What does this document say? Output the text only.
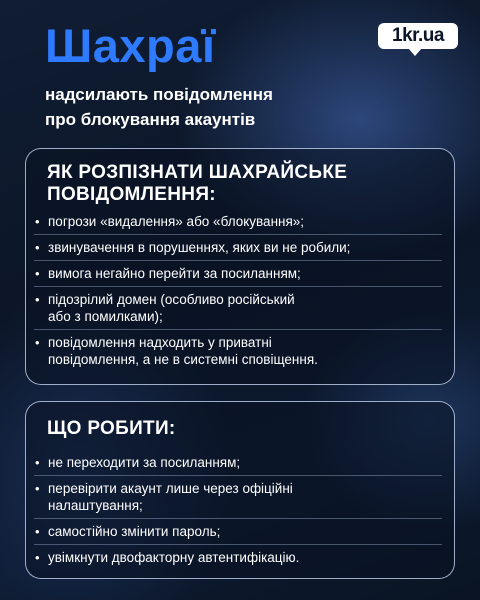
Шахраї	1kr.ua
надсилають повідомлення
про блокування акаунтів
ЯК РОЗПІЗНАТИ ШАХРАЙСЬКЕ
ПОВІДОМЛЕННЯ:
• погрози «видалення» або «блокування»;
• звинувачення в порушеннях, яких ви не робили;
• вимога негайно перейти за посиланням;
• підозрілий домен (особливо російський
або з помилками);
• повідомлення надходить у приватні
повідомлення, а не в системні сповіщення.
ЩО РОБИТИ:
• не переходити за посиланням;
• перевірити акаунт лише через офіційні
налаштування;
• самостійно змінити пароль;
• увімкнути двофакторну автентифікацію.
